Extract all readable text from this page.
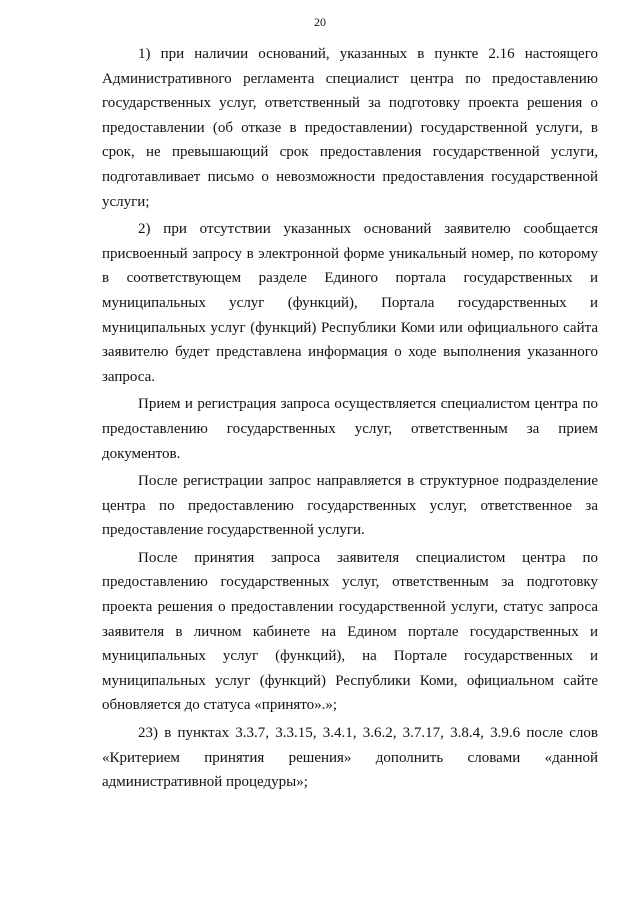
20

1) при наличии оснований, указанных в пункте 2.16 настоящего Административного регламента специалист центра по предоставлению государственных услуг, ответственный за подготовку проекта решения о предоставлении (об отказе в предоставлении) государственной услуги, в срок, не превышающий срок предоставления государственной услуги, подготавливает письмо о невозможности предоставления государственной услуги;

2) при отсутствии указанных оснований заявителю сообщается присвоенный запросу в электронной форме уникальный номер, по которому в соответствующем разделе Единого портала государственных и муниципальных услуг (функций), Портала государственных и муниципальных услуг (функций) Республики Коми или официального сайта заявителю будет представлена информация о ходе выполнения указанного запроса.

Прием и регистрация запроса осуществляется специалистом центра по предоставлению государственных услуг, ответственным за прием документов.

После регистрации запрос направляется в структурное подразделение центра по предоставлению государственных услуг, ответственное за предоставление государственной услуги.

После принятия запроса заявителя специалистом центра по предоставлению государственных услуг, ответственным за подготовку проекта решения о предоставлении государственной услуги, статус запроса заявителя в личном кабинете на Едином портале государственных и муниципальных услуг (функций), на Портале государственных и муниципальных услуг (функций) Республики Коми, официальном сайте обновляется до статуса «принято».»;

23) в пунктах 3.3.7, 3.3.15, 3.4.1, 3.6.2, 3.7.17, 3.8.4, 3.9.6 после слов «Критерием принятия решения» дополнить словами «данной административной процедуры»;
